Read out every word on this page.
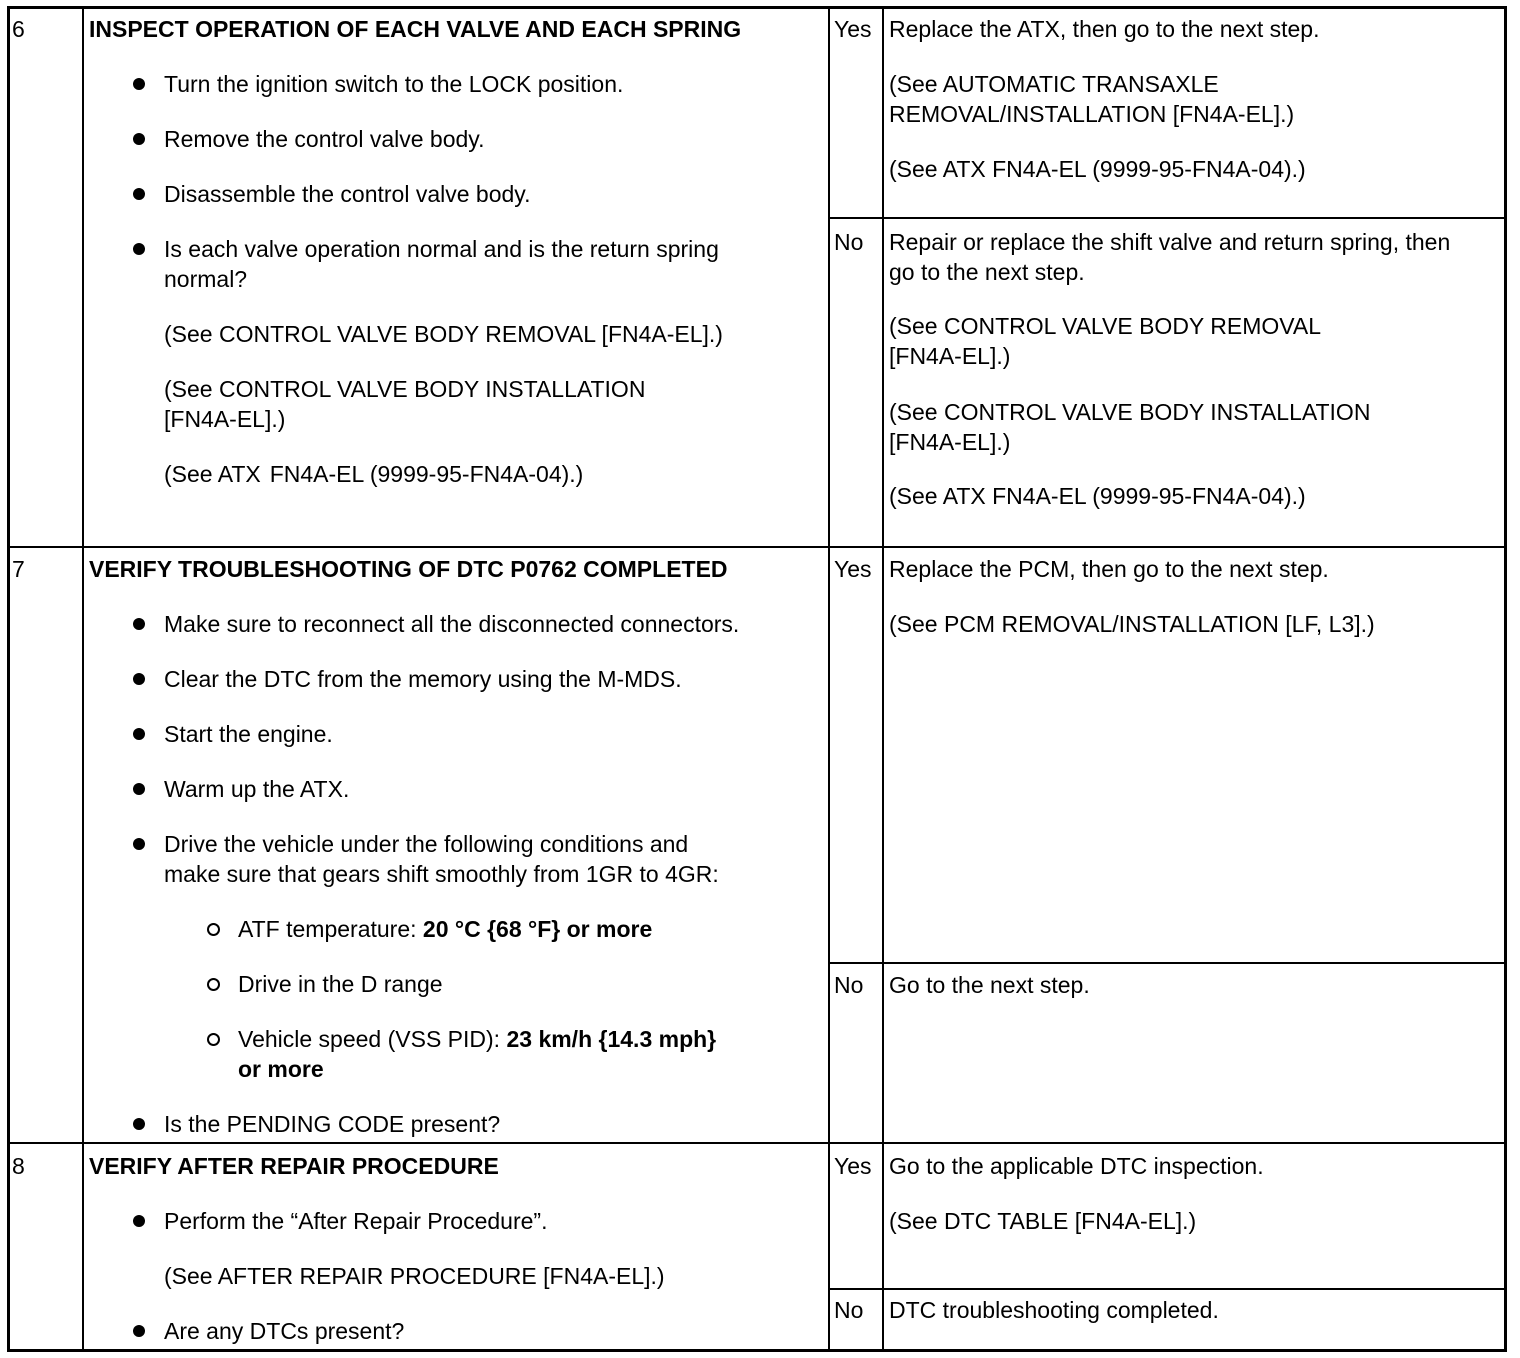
6	INSPECT OPERATION OF EACH VALVE AND EACH SPRING
Turn the ignition switch to the LOCK position.
Remove the control valve body.
Disassemble the control valve body.
Is each valve operation normal and is the return spring
normal?
(See CONTROL VALVE BODY REMOVAL [FN4A-EL].)
(See CONTROL VALVE BODY INSTALLATION
[FN4A-EL].)
(See ATX FN4A-EL (9999-95-FN4A-04).)
Yes Replace the ATX, then go to the next step.
(See AUTOMATIC TRANSAXLE
REMOVAL/INSTALLATION [FN4A-EL].)
(See ATX FN4A-EL (9999-95-FN4A-04).)
No Repair or replace the shift valve and return spring, then
go to the next step.
(See CONTROL VALVE BODY REMOVAL
[FN4A-EL].)
(See CONTROL VALVE BODY INSTALLATION
[FN4A-EL].)
(See ATX FN4A-EL (9999-95-FN4A-04).)
7	VERIFY TROUBLESHOOTING OF DTC P0762 COMPLETED
Make sure to reconnect all the disconnected connectors.
Clear the DTC from the memory using the M-MDS.
Start the engine.
Warm up the ATX.
Drive the vehicle under the following conditions and
make sure that gears shift smoothly from 1GR to 4GR:
ATF temperature: 20 °C {68 °F} or more
Drive in the D range
Vehicle speed (VSS PID): 23 km/h {14.3 mph}
or more
Is the PENDING CODE present?
Yes Replace the PCM, then go to the next step.
(See PCM REMOVAL/INSTALLATION [LF, L3].)
No Go to the next step.
8	VERIFY AFTER REPAIR PROCEDURE
Perform the “After Repair Procedure”.
(See AFTER REPAIR PROCEDURE [FN4A-EL].)
Are any DTCs present?
Yes Go to the applicable DTC inspection.
(See DTC TABLE [FN4A-EL].)
No DTC troubleshooting completed.
